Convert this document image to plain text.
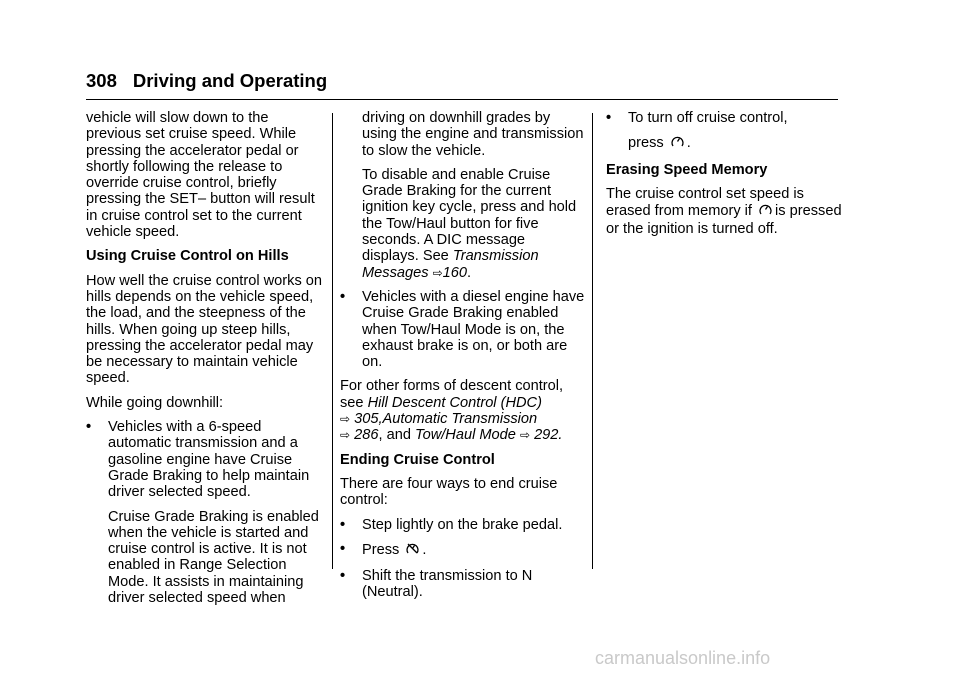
308 Driving and Operating

vehicle will slow down to the previous set cruise speed. While pressing the accelerator pedal or shortly following the release to override cruise control, briefly pressing the SET– button will result in cruise control set to the current vehicle speed.

Using Cruise Control on Hills

How well the cruise control works on hills depends on the vehicle speed, the load, and the steepness of the hills. When going up steep hills, pressing the accelerator pedal may be necessary to maintain vehicle speed.

While going downhill:

• Vehicles with a 6-speed automatic transmission and a gasoline engine have Cruise Grade Braking to help maintain driver selected speed.

Cruise Grade Braking is enabled when the vehicle is started and cruise control is active. It is not enabled in Range Selection Mode. It assists in maintaining driver selected speed when

driving on downhill grades by using the engine and transmission to slow the vehicle.

To disable and enable Cruise Grade Braking for the current ignition key cycle, press and hold the Tow/Haul button for five seconds. A DIC message displays. See Transmission Messages ⇨160.

• Vehicles with a diesel engine have Cruise Grade Braking enabled when Tow/Haul Mode is on, the exhaust brake is on, or both are on.

For other forms of descent control, see Hill Descent Control (HDC)
⇨ 305,Automatic Transmission
⇨ 286, and Tow/Haul Mode ⇨ 292.

Ending Cruise Control

There are four ways to end cruise control:

• Step lightly on the brake pedal.
• Press .
• Shift the transmission to N (Neutral).
• To turn off cruise control,

press .

Erasing Speed Memory

The cruise control set speed is
erased from memory if is pressed or the ignition is turned off.

carmanualsonline.info
